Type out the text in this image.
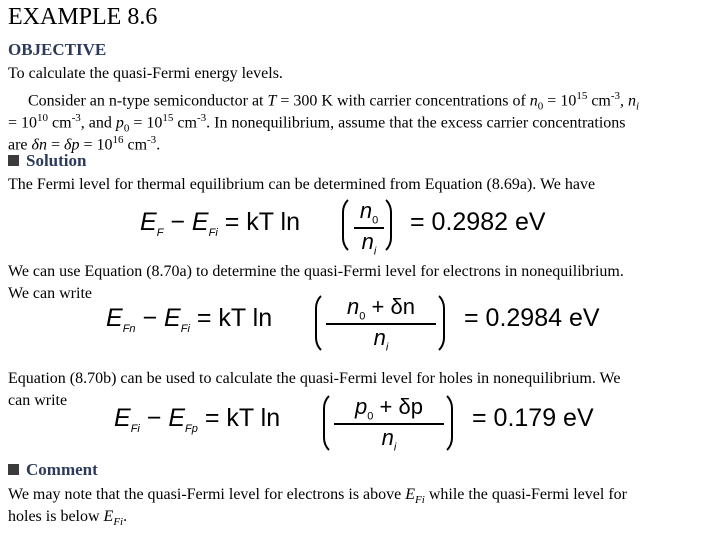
EXAMPLE 8.6
OBJECTIVE
To calculate the quasi-Fermi energy levels.
Consider an n-type semiconductor at T = 300 K with carrier concentrations of $n_0 = 10^{15}$ $cm^{-3}$, $n_i$
= $10^{10}$ $cm^{-3}$, and $p_0 = 10^{15}$ $cm^{-3}$. In nonequilibrium, assume that the excess carrier concentrations
are $\delta n = \delta p = 10^{16}$ $cm^{-3}$.
Solution
The Fermi level for thermal equilibrium can be determined from Equation (8.69a). We have
$E_F - E_{Fi}$ = kT ln	$n_0$
$n_i$
= 0.2982 eV
We can use Equation (8.70a) to determine the quasi-Fermi level for electrons in nonequilibrium.
We can write
$E_{Fn} - E_{Fi}$ = kT ln	$n_0 + \delta n$
$n_i$
= 0.2984 eV
Equation (8.70b) can be used to calculate the quasi-Fermi level for holes in nonequilibrium. We
can write
$E_{Fi} - E_{Fp}$ = kT ln	$p_0 + \delta p$
$n_i$
= 0.179 eV
Comment
We may note that the quasi-Fermi level for electrons is above $E_{Fi}$ while the quasi-Fermi level for
holes is below $E_{Fi}$.
